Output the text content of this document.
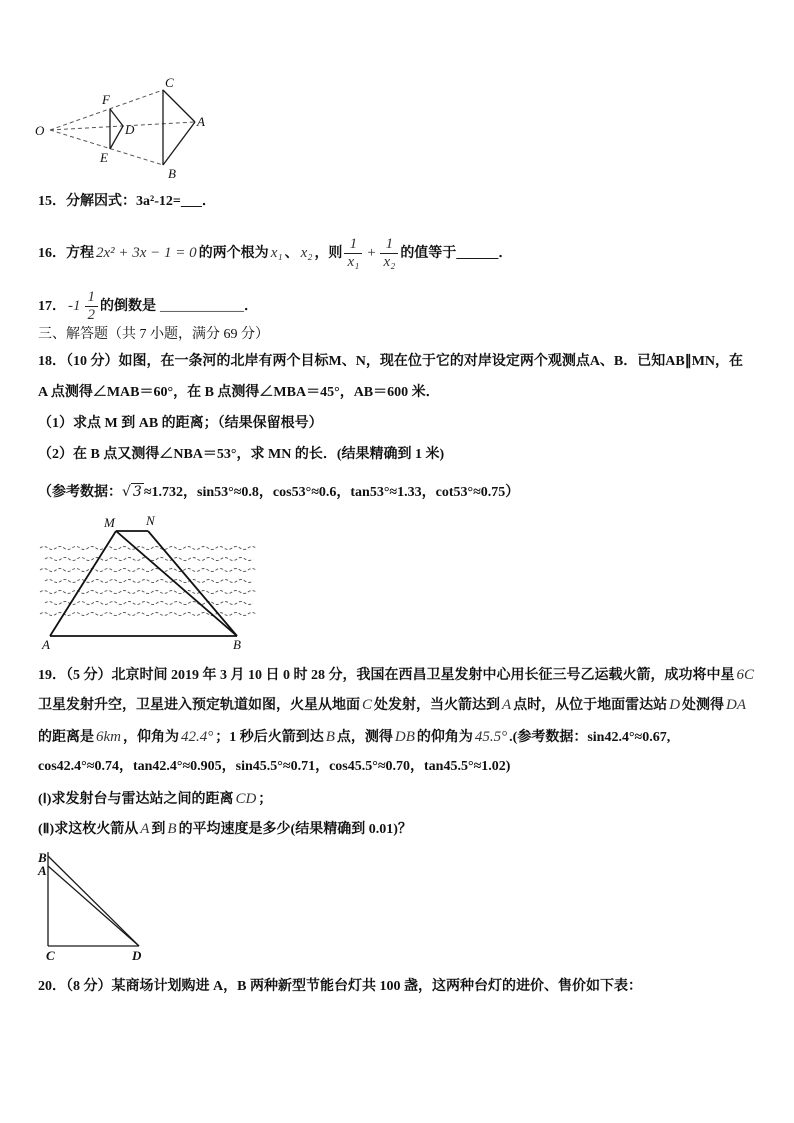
O
F
D
E
C
A
B
M N
A	B
B
A
C	D
15．分解因式：3a²-12=___．
16．方程 2x² + 3x − 1 = 0 的两个根为 x₁ 、 x₂ ，则 $\frac{1}{\text{x₁}} + \frac{1}{\text{x₂}}$ 的值等于______．
17． $-1 \frac{1}{2}$ 的倒数是 ____________．
三、解答题（共 7 小题，满分 69 分）
18．（10 分）如图，在一条河的北岸有两个目标M、N，现在位于它的对岸设定两个观测点A、B．已知AB∥MN，在
A 点测得∠MAB＝60°，在 B 点测得∠MBA＝45°，AB＝600 米．
（1）求点 M 到 AB 的距离；（结果保留根号）
（2）在 B 点又测得∠NBA＝53°，求 MN 的长．(结果精确到 1 米)
（参考数据：√ 3 ≈1.732，sin53°≈0.8，cos53°≈0.6，tan53°≈1.33，cot53°≈0.75）
19．（5 分）北京时间 2019 年 3 月 10 日 0 时 28 分，我国在西昌卫星发射中心用长征三号乙运载火箭，成功将中星 6C
卫星发射升空，卫星进入预定轨道如图，火星从地面 C 处发射，当火箭达到 A 点时，从位于地面雷达站 D 处测得 DA
的距离是 6km ，仰角为 42.4° ；1 秒后火箭到达 B 点，测得 DB 的仰角为 45.5° .(参考数据：sin42.4°≈0.67,
cos42.4°≈0.74，tan42.4°≈0.905，sin45.5°≈0.71，cos45.5°≈0.70，tan45.5°≈1.02)
(Ⅰ)求发射台与雷达站之间的距离 CD ；
(Ⅱ)求这枚火箭从 A 到 B 的平均速度是多少(结果精确到 0.01)？
20．（8 分）某商场计划购进 A，B 两种新型节能台灯共 100 盏，这两种台灯的进价、售价如下表：
